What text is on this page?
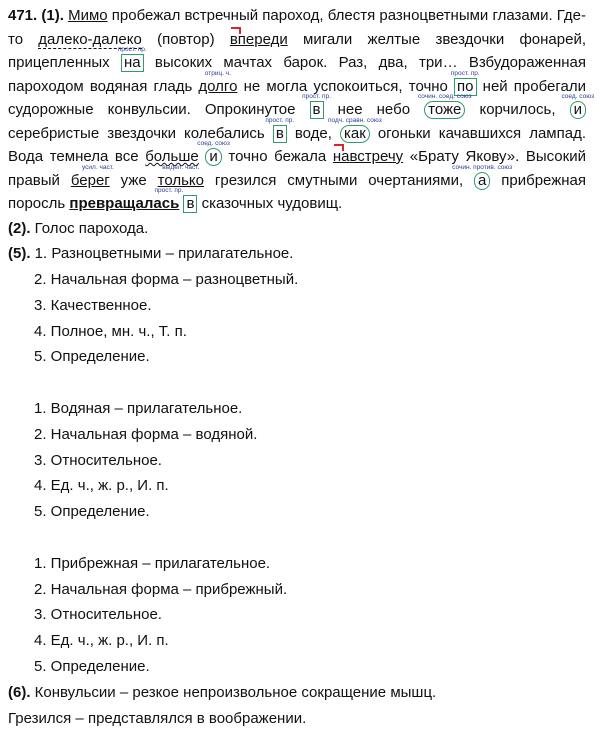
471. (1). Мимо пробежал встречный пароход, блестя разноцветными глазами. Где-то далеко-далеко (повтор) впереди мигали желтые звездочки фонарей, прицепленных
прост. пр.
на высоких мачтах барок. Раз, два, три… Взбудораженная пароходом водяная гладь
отриц. ч.
долго не могла успокоиться, точно
прост. пр.
по ней пробегали судорожные конвульсии. Опрокинутое
прост. пр.
в нее небо
сочин. соед. союз
тоже корчилось,
соед. союз
и серебристые звездочки колебались
прост. пр.
в воде,
подч. сравн. союз
как огоньки качавшихся лампад. Вода темнела все больше
соед. союз
и точно бежала навстречу «Брату Якову». Высокий правый
усил. част.
берег уже
выдел. част.
только грезился смутными очертаниями,
сочин. против. союз
а прибрежная поросль
прост. пр.
превращалась в сказочных чудовищ.

(2). Голос парохода.

(5). 1. Разноцветными – прилагательное.

2. Начальная форма – разноцветный.

3. Качественное.

4. Полное, мн. ч., Т. п.

5. Определение.

1. Водяная – прилагательное.

2. Начальная форма – водяной.

3. Относительное.

4. Ед. ч., ж. р., И. п.

5. Определение.

1. Прибрежная – прилагательное.

2. Начальная форма – прибрежный.

3. Относительное.

4. Ед. ч., ж. р., И. п.

5. Определение.

(6). Конвульсии – резкое непроизвольное сокращение мышц.

Грезился – представлялся в воображении.
